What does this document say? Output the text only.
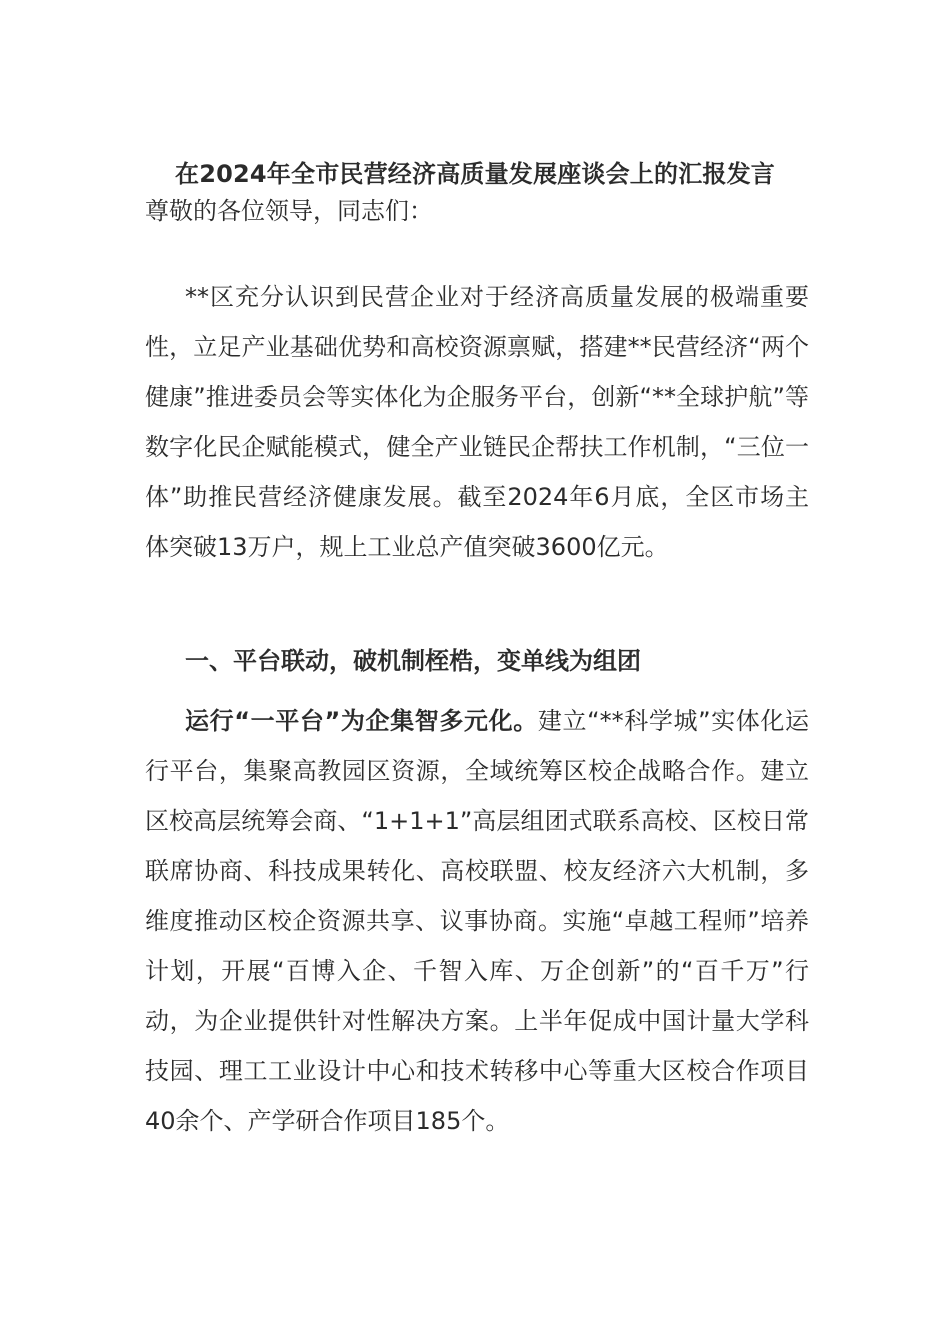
在2024年全市民营经济高质量发展座谈会上的汇报发言

尊敬的各位领导，同志们：

**区充分认识到民营企业对于经济高质量发展的极端重要性，立足产业基础优势和高校资源禀赋，搭建**民营经济“两个健康”推进委员会等实体化为企服务平台，创新“**全球护航”等数字化民企赋能模式，健全产业链民企帮扶工作机制，“三位一体”助推民营经济健康发展。截至2024年6月底，全区市场主体突破13万户，规上工业总产值突破3600亿元。

一、平台联动，破机制桎梏，变单线为组团

运行“一平台”为企集智多元化。建立“**科学城”实体化运行平台，集聚高教园区资源，全域统筹区校企战略合作。建立区校高层统筹会商、“1+1+1”高层组团式联系高校、区校日常联席协商、科技成果转化、高校联盟、校友经济六大机制，多维度推动区校企资源共享、议事协商。实施“卓越工程师”培养计划，开展“百博入企、千智入库、万企创新”的“百千万”行动，为企业提供针对性解决方案。上半年促成中国计量大学科技园、理工工业设计中心和技术转移中心等重大区校合作项目40余个、产学研合作项目185个。
